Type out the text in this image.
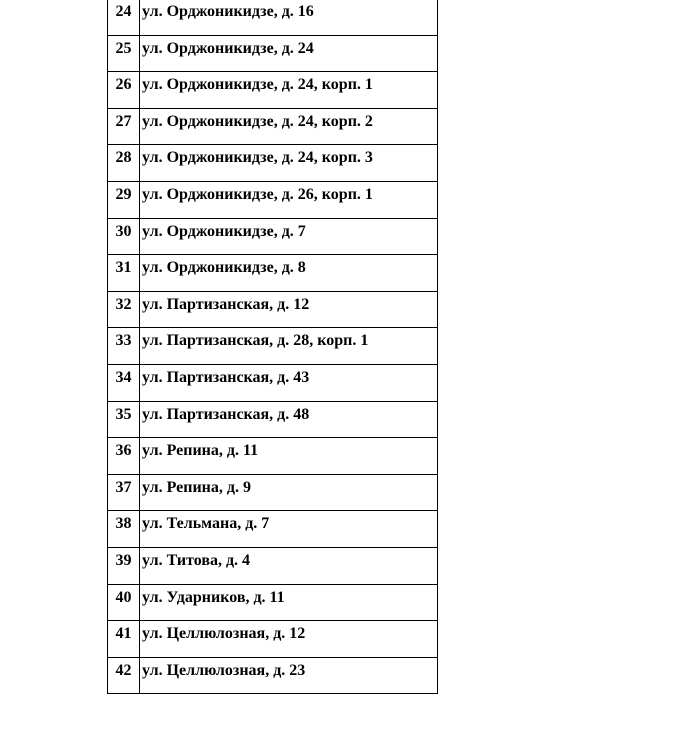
24	ул. Орджоникидзе, д. 16
25	ул. Орджоникидзе, д. 24
26	ул. Орджоникидзе, д. 24, корп. 1
27	ул. Орджоникидзе, д. 24, корп. 2
28	ул. Орджоникидзе, д. 24, корп. 3
29	ул. Орджоникидзе, д. 26, корп. 1
30	ул. Орджоникидзе, д. 7
31	ул. Орджоникидзе, д. 8
32	ул. Партизанская, д. 12
33	ул. Партизанская, д. 28, корп. 1
34	ул. Партизанская, д. 43
35	ул. Партизанская, д. 48
36	ул. Репина, д. 11
37	ул. Репина, д. 9
38	ул. Тельмана, д. 7
39	ул. Титова, д. 4
40	ул. Ударников, д. 11
41	ул. Целлюлозная, д. 12
42	ул. Целлюлозная, д. 23
